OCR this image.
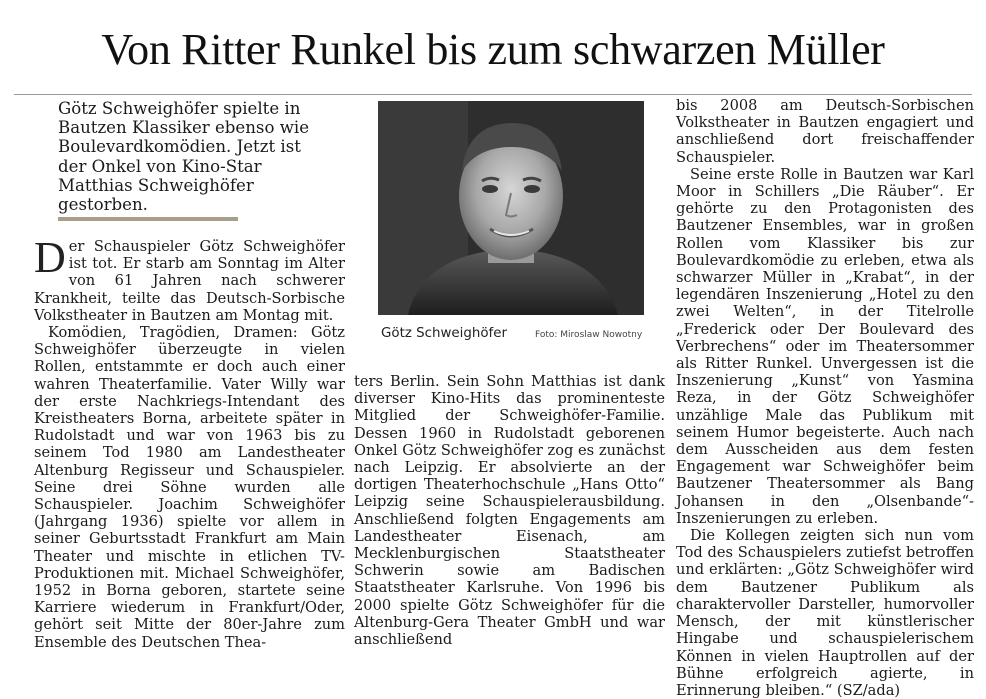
Von Ritter Runkel bis zum schwarzen Müller
Götz Schweighöfer spielte in Bautzen Klassiker ebenso wie Boulevardkomödien. Jetzt ist der Onkel von Kino-Star Matthias Schweighöfer gestorben.

Der Schauspieler Götz Schweighöfer ist tot. Er starb am Sonntag im Alter von 61 Jahren nach schwerer Krankheit, teilte das Deutsch-Sorbische Volkstheater in Bautzen am Montag mit.

Komödien, Tragödien, Dramen: Götz Schweighöfer überzeugte in vielen Rollen, entstammte er doch auch einer wahren Theaterfamilie. Vater Willy war der erste Nachkriegs-Intendant des Kreistheaters Borna, arbeitete später in Rudolstadt und war von 1963 bis zu seinem Tod 1980 am Landestheater Altenburg Regisseur und Schauspieler. Seine drei Söhne wurden alle Schauspieler. Joachim Schweighöfer (Jahrgang 1936) spielte vor allem in seiner Geburtsstadt Frankfurt am Main Theater und mischte in etlichen TV-Produktionen mit. Michael Schweighöfer, 1952 in Borna geboren, startete seine Karriere wiederum in Frankfurt/Oder, gehört seit Mitte der 80er-Jahre zum Ensemble des Deutschen Thea-

Götz Schweighöfer	Foto: Miroslaw Nowotny

ters Berlin. Sein Sohn Matthias ist dank diverser Kino-Hits das prominenteste Mitglied der Schweighöfer-Familie. Dessen 1960 in Rudolstadt geborenen Onkel Götz Schweighöfer zog es zunächst nach Leipzig. Er absolvierte an der dortigen Theaterhochschule „Hans Otto“ Leipzig seine Schauspielerausbildung. Anschließend folgten Engagements am Landestheater Eisenach, am Mecklenburgischen Staatstheater Schwerin sowie am Badischen Staatstheater Karlsruhe. Von 1996 bis 2000 spielte Götz Schweighöfer für die Altenburg-Gera Theater GmbH und war anschließend

bis 2008 am Deutsch-Sorbischen Volkstheater in Bautzen engagiert und anschließend dort freischaffender Schauspieler.

Seine erste Rolle in Bautzen war Karl Moor in Schillers „Die Räuber“. Er gehörte zu den Protagonisten des Bautzener Ensembles, war in großen Rollen vom Klassiker bis zur Boulevardkomödie zu erleben, etwa als schwarzer Müller in „Krabat“, in der legendären Inszenierung „Hotel zu den zwei Welten“, in der Titelrolle „Frederick oder Der Boulevard des Verbrechens“ oder im Theatersommer als Ritter Runkel. Unvergessen ist die Inszenierung „Kunst“ von Yasmina Reza, in der Götz Schweighöfer unzählige Male das Publikum mit seinem Humor begeisterte. Auch nach dem Ausscheiden aus dem festen Engagement war Schweighöfer beim Bautzener Theatersommer als Bang Johansen in den „Olsenbande“-Inszenierungen zu erleben.

Die Kollegen zeigten sich nun vom Tod des Schauspielers zutiefst betroffen und erklärten: „Götz Schweighöfer wird dem Bautzener Publikum als charaktervoller Darsteller, humorvoller Mensch, der mit künstlerischer Hingabe und schauspielerischem Können in vielen Hauptrollen auf der Bühne erfolgreich agierte, in Erinnerung bleiben.“ (SZ/ada)
